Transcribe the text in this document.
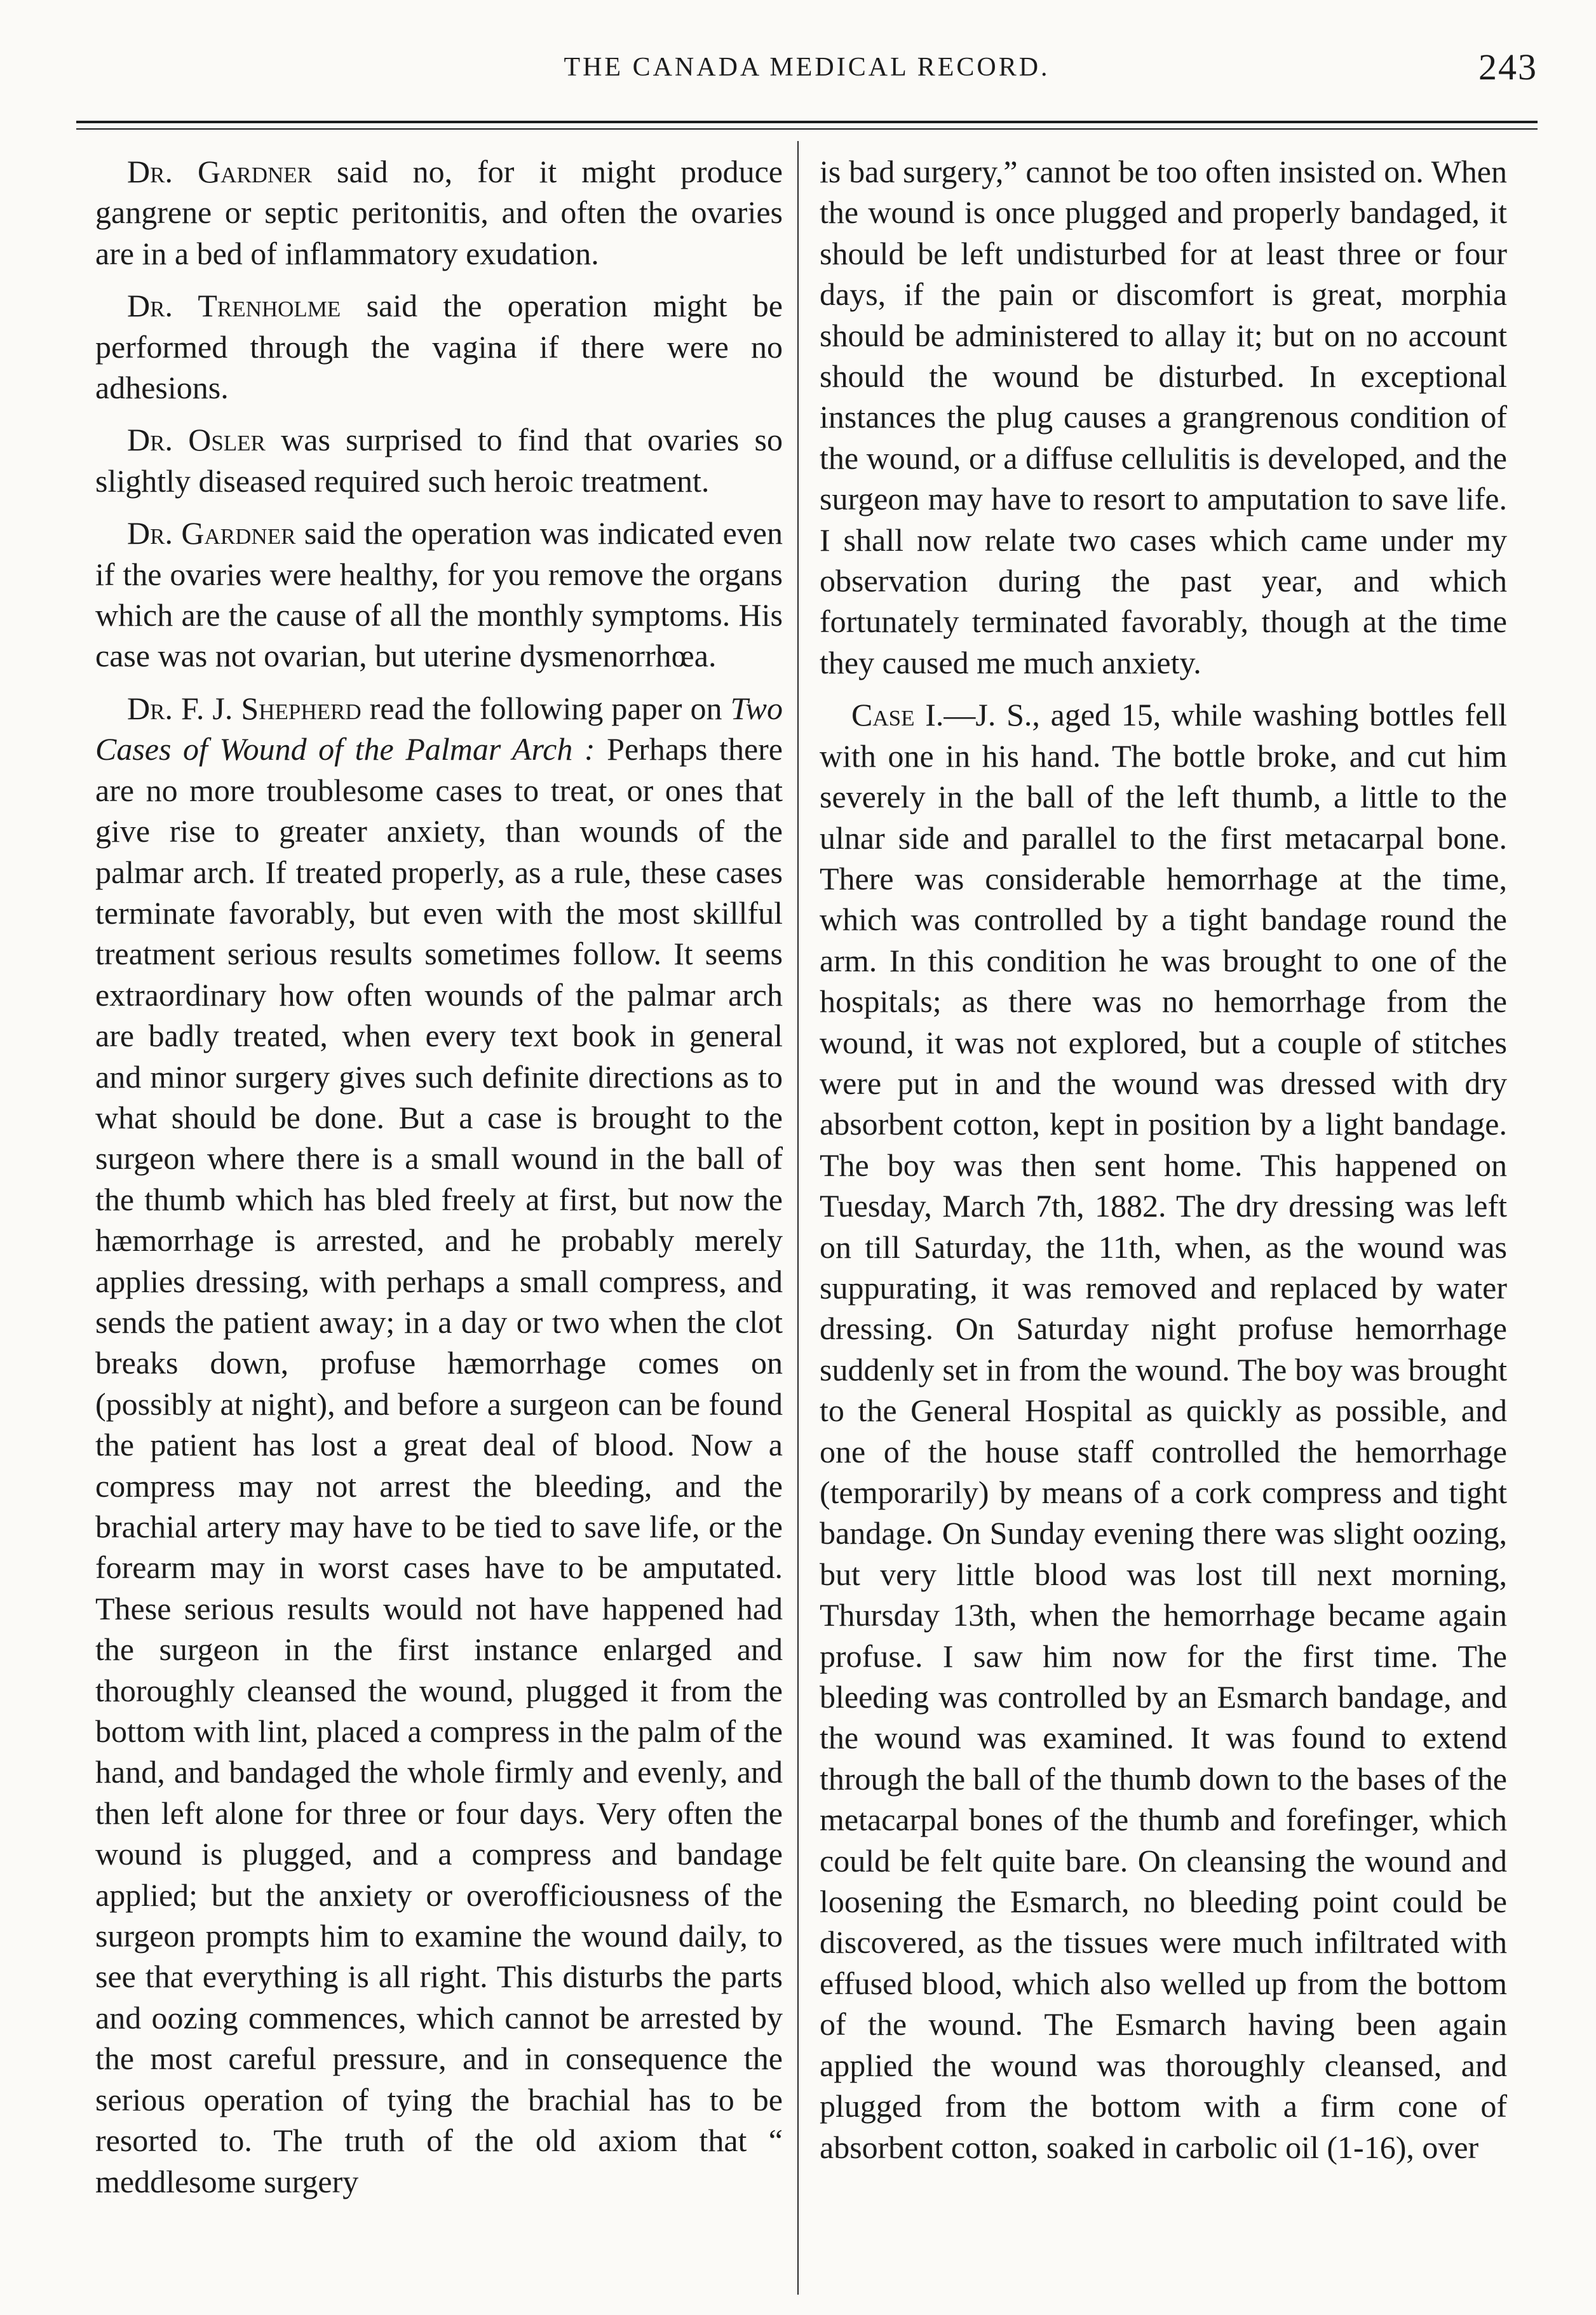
THE CANADA MEDICAL RECORD.	243

Dr. Gardner said no, for it might produce gangrene or septic peritonitis, and often the ovaries are in a bed of inflammatory exudation.

Dr. Trenholme said the operation might be performed through the vagina if there were no adhesions.

Dr. Osler was surprised to find that ovaries so slightly diseased required such heroic treatment.

Dr. Gardner said the operation was indicated even if the ovaries were healthy, for you remove the organs which are the cause of all the monthly symptoms. His case was not ovarian, but uterine dysmenorrhœa.

Dr. F. J. Shepherd read the following paper on Two Cases of Wound of the Palmar Arch : Perhaps there are no more troublesome cases to treat, or ones that give rise to greater anxiety, than wounds of the palmar arch. If treated properly, as a rule, these cases terminate favorably, but even with the most skillful treatment serious results sometimes follow. It seems extraordinary how often wounds of the palmar arch are badly treated, when every text book in general and minor surgery gives such definite directions as to what should be done. But a case is brought to the surgeon where there is a small wound in the ball of the thumb which has bled freely at first, but now the hæmorrhage is arrested, and he probably merely applies dressing, with perhaps a small compress, and sends the patient away; in a day or two when the clot breaks down, profuse hæmorrhage comes on (possibly at night), and before a surgeon can be found the patient has lost a great deal of blood. Now a compress may not arrest the bleeding, and the brachial artery may have to be tied to save life, or the forearm may in worst cases have to be amputated. These serious results would not have happened had the surgeon in the first instance enlarged and thoroughly cleansed the wound, plugged it from the bottom with lint, placed a compress in the palm of the hand, and bandaged the whole firmly and evenly, and then left alone for three or four days. Very often the wound is plugged, and a compress and bandage applied; but the anxiety or overofficiousness of the surgeon prompts him to examine the wound daily, to see that everything is all right. This disturbs the parts and oozing commences, which cannot be arrested by the most careful pressure, and in consequence the serious operation of tying the brachial has to be resorted to. The truth of the old axiom that “ meddlesome surgery

is bad surgery,” cannot be too often insisted on. When the wound is once plugged and properly bandaged, it should be left undisturbed for at least three or four days, if the pain or discomfort is great, morphia should be administered to allay it; but on no account should the wound be disturbed. In exceptional instances the plug causes a grangrenous condition of the wound, or a diffuse cellulitis is developed, and the surgeon may have to resort to amputation to save life. I shall now relate two cases which came under my observation during the past year, and which fortunately terminated favorably, though at the time they caused me much anxiety.

Case I.—J. S., aged 15, while washing bottles fell with one in his hand. The bottle broke, and cut him severely in the ball of the left thumb, a little to the ulnar side and parallel to the first metacarpal bone. There was considerable hemorrhage at the time, which was controlled by a tight bandage round the arm. In this condition he was brought to one of the hospitals; as there was no hemorrhage from the wound, it was not explored, but a couple of stitches were put in and the wound was dressed with dry absorbent cotton, kept in position by a light bandage. The boy was then sent home. This happened on Tuesday, March 7th, 1882. The dry dressing was left on till Saturday, the 11th, when, as the wound was suppurating, it was removed and replaced by water dressing. On Saturday night profuse hemorrhage suddenly set in from the wound. The boy was brought to the General Hospital as quickly as possible, and one of the house staff controlled the hemorrhage (temporarily) by means of a cork compress and tight bandage. On Sunday evening there was slight oozing, but very little blood was lost till next morning, Thursday 13th, when the hemorrhage became again profuse. I saw him now for the first time. The bleeding was controlled by an Esmarch bandage, and the wound was examined. It was found to extend through the ball of the thumb down to the bases of the metacarpal bones of the thumb and forefinger, which could be felt quite bare. On cleansing the wound and loosening the Esmarch, no bleeding point could be discovered, as the tissues were much infiltrated with effused blood, which also welled up from the bottom of the wound. The Esmarch having been again applied the wound was thoroughly cleansed, and plugged from the bottom with a firm cone of absorbent cotton, soaked in carbolic oil (1-16), over
